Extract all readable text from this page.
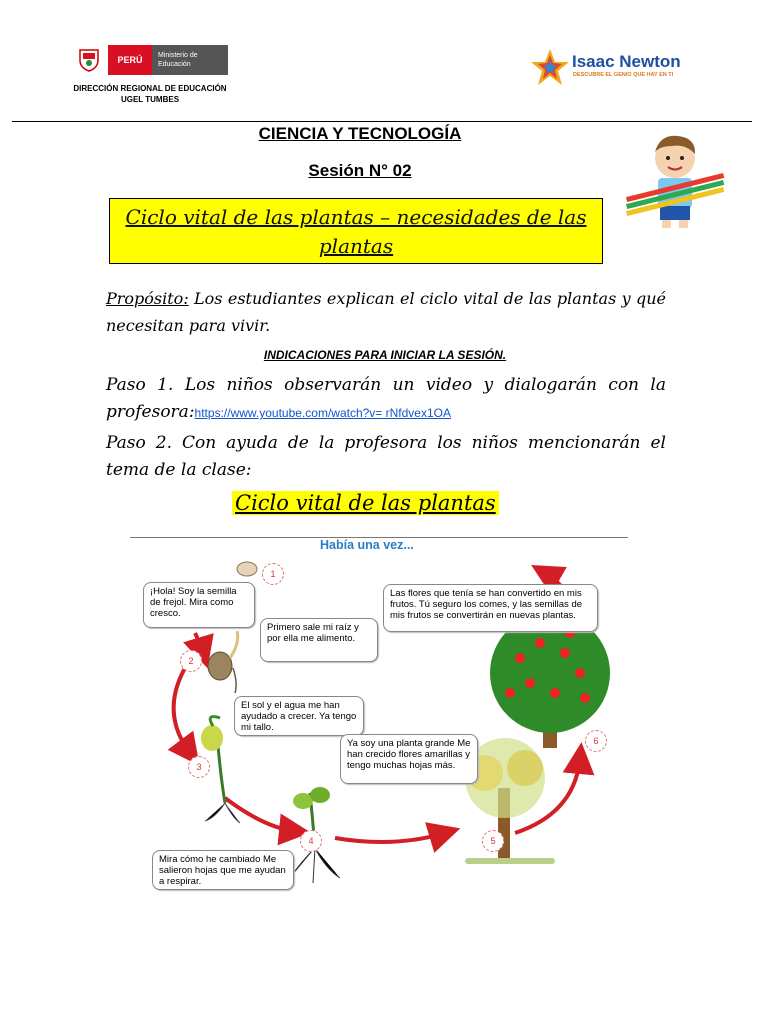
PERÚ	Ministerio de Educación
DIRECCIÓN REGIONAL DE EDUCACIÓN
UGEL TUMBES
Isaac Newton
DESCUBRE EL GENIO QUE HAY EN TI
CIENCIA Y TECNOLOGÍA
Sesión N° 02
Ciclo vital de las plantas – necesidades de las plantas
Propósito: Los estudiantes explican el ciclo vital de las plantas y qué necesitan para vivir.
INDICACIONES PARA INICIAR LA SESIÓN.
Paso 1. Los niños observarán un video y dialogarán con la profesora:https://www.youtube.com/watch?v= rNfdvex1OA
Paso 2. Con ayuda de la profesora los niños mencionarán el tema de la clase:
Ciclo vital de las plantas
Había una vez...
1
2
3
4	5
6
¡Hola! Soy la semilla de frejol. Mira como cresco.
Primero sale mi raíz y por ella me alimento.
El sol y el agua me han ayudado a crecer. Ya tengo mi tallo.
Mira cómo he cambiado Me salieron hojas que me ayudan a respirar.
Ya soy una planta grande Me han crecido flores amarillas y tengo muchas hojas más.
Las flores que tenía se han convertido en mis frutos. Tú seguro los comes, y las semillas de mis frutos se convertirán en nuevas plantas.
